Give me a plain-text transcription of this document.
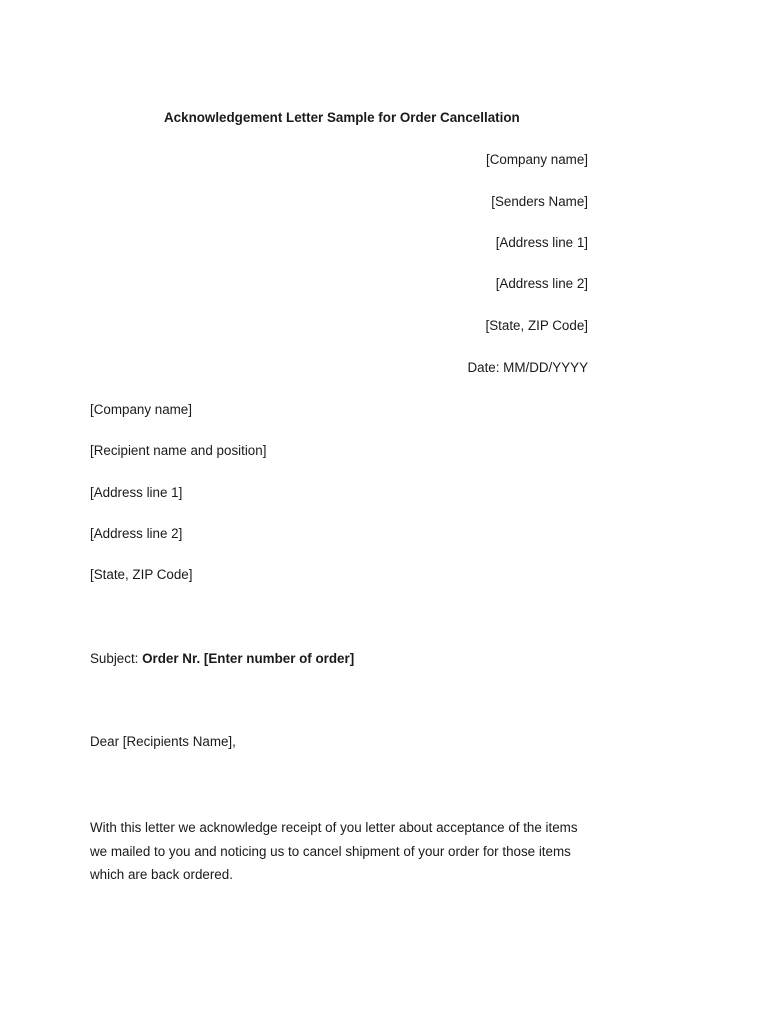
Acknowledgement Letter Sample for Order Cancellation
[Company name]
[Senders Name]
[Address line 1]
[Address line 2]
[State, ZIP Code]
Date: MM/DD/YYYY
[Company name]
[Recipient name and position]
[Address line 1]
[Address line 2]
[State, ZIP Code]
Subject: Order Nr. [Enter number of order]
Dear [Recipients Name],
With this letter we acknowledge receipt of you letter about acceptance of the items
we mailed to you and noticing us to cancel shipment of your order for those items
which are back ordered.
